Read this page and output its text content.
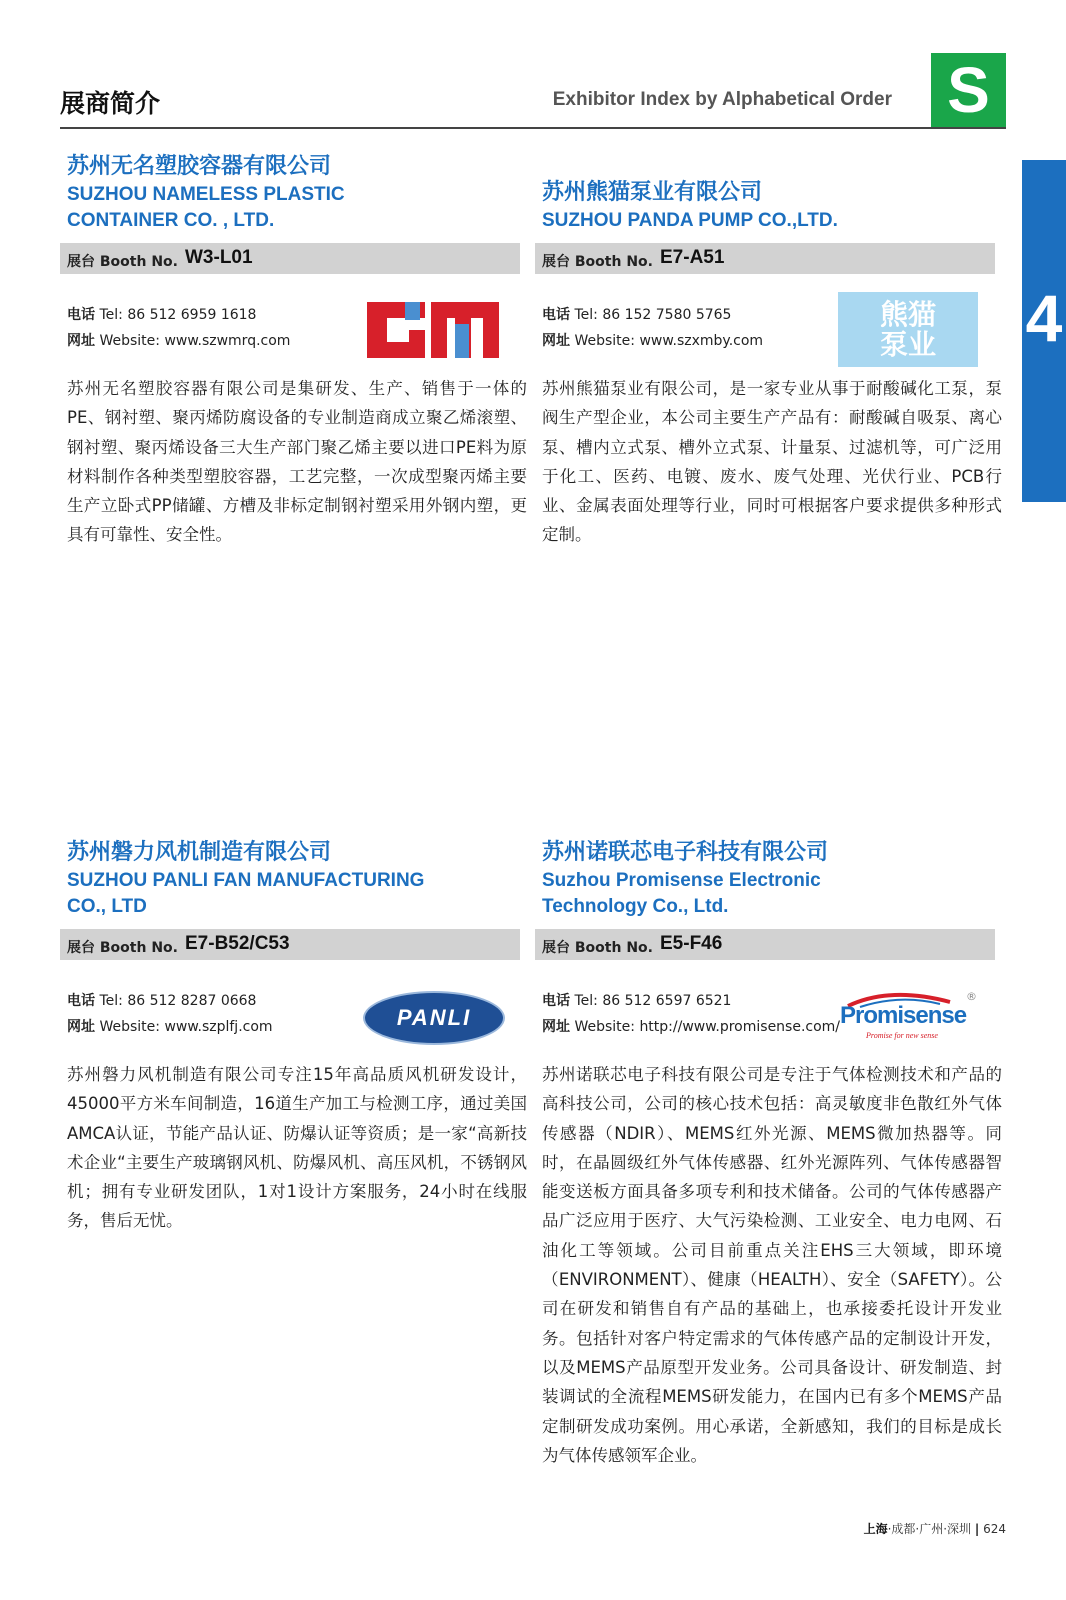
展商简介	Exhibitor Index by Alphabetical Order S
4
苏州无名塑胶容器有限公司
SUZHOU NAMELESS PLASTIC
CONTAINER CO. , LTD.
展台 Booth No. W3-L01
电话 Tel: 86 512 6959 1618
网址 Website: www.szwmrq.com
苏州无名塑胶容器有限公司是集研发、生产、销售于一体的PE、钢衬塑、聚丙烯防腐设备的专业制造商成立聚乙烯滚塑、钢衬塑、聚丙烯设备三大生产部门聚乙烯主要以进口PE料为原材料制作各种类型塑胶容器，工艺完整，一次成型聚丙烯主要生产立卧式PP储罐、方槽及非标定制钢衬塑采用外钢内塑，更具有可靠性、安全性。
苏州熊猫泵业有限公司
SUZHOU PANDA PUMP CO.,LTD.
展台 Booth No. E7-A51
电话 Tel: 86 152 7580 5765
网址 Website: www.szxmby.com
熊猫
泵业
苏州熊猫泵业有限公司，是一家专业从事于耐酸碱化工泵，泵阀生产型企业，本公司主要生产产品有：耐酸碱自吸泵、离心泵、槽内立式泵、槽外立式泵、计量泵、过滤机等，可广泛用于化工、医药、电镀、废水、废气处理、光伏行业、PCB行业、金属表面处理等行业，同时可根据客户要求提供多种形式定制。
苏州磐力风机制造有限公司
SUZHOU PANLI FAN MANUFACTURING
CO., LTD
展台 Booth No. E7-B52/C53
电话 Tel: 86 512 8287 0668
网址 Website: www.szplfj.com	PANLI
苏州磐力风机制造有限公司专注15年高品质风机研发设计，45000平方米车间制造，16道生产加工与检测工序，通过美国AMCA认证，节能产品认证、防爆认证等资质；是一家“高新技术企业“主要生产玻璃钢风机、防爆风机、高压风机，不锈钢风机；拥有专业研发团队，1对1设计方案服务，24小时在线服务，售后无忧。
苏州诺联芯电子科技有限公司
Suzhou Promisense Electronic
Technology Co., Ltd.
展台 Booth No. E5-F46
电话 Tel: 86 512 6597 6521
网址 Website: http://www.promisense.com/ Promisense
®
Promise for new sense
苏州诺联芯电子科技有限公司是专注于气体检测技术和产品的高科技公司，公司的核心技术包括：高灵敏度非色散红外气体传感器（NDIR）、MEMS红外光源、MEMS微加热器等。同时，在晶圆级红外气体传感器、红外光源阵列、气体传感器智能变送板方面具备多项专利和技术储备。公司的气体传感器产品广泛应用于医疗、大气污染检测、工业安全、电力电网、石油化工等领域。公司目前重点关注EHS三大领域，即环境（ENVIRONMENT）、健康（HEALTH）、安全（SAFETY）。公司在研发和销售自有产品的基础上，也承接委托设计开发业务。包括针对客户特定需求的气体传感产品的定制设计开发，以及MEMS产品原型开发业务。公司具备设计、研发制造、封装调试的全流程MEMS研发能力，在国内已有多个MEMS产品定制研发成功案例。用心承诺，全新感知，我们的目标是成长为气体传感领军企业。
上海·成都·广州·深圳 | 624
